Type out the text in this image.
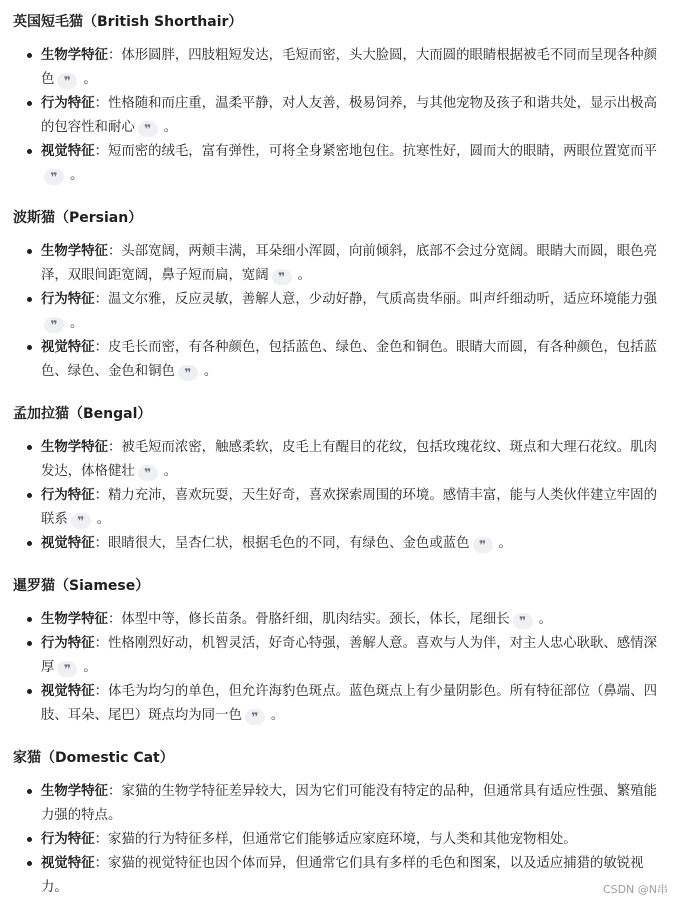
英国短毛猫（British Shorthair）
生物学特征：体形圆胖，四肢粗短发达，毛短而密，头大脸圆，大而圆的眼睛根据被毛不同而呈现各种颜色 ❞ 。
行为特征：性格随和而庄重，温柔平静，对人友善，极易饲养，与其他宠物及孩子和谐共处，显示出极高的包容性和耐心 ❞ 。
视觉特征：短而密的绒毛，富有弹性，可将全身紧密地包住。抗寒性好，圆而大的眼睛，两眼位置宽而平❞ 。
波斯猫（Persian）
生物学特征：头部宽阔，两颊丰满，耳朵细小浑圆，向前倾斜，底部不会过分宽阔。眼睛大而圆，眼色亮泽，双眼间距宽阔，鼻子短而扁，宽阔 ❞ 。
行为特征：温文尔雅，反应灵敏，善解人意，少动好静，气质高贵华丽。叫声纤细动听，适应环境能力强❞ 。
视觉特征：皮毛长而密，有各种颜色，包括蓝色、绿色、金色和铜色。眼睛大而圆，有各种颜色，包括蓝色、绿色、金色和铜色 ❞ 。
孟加拉猫（Bengal）
生物学特征：被毛短而浓密，触感柔软，皮毛上有醒目的花纹，包括玫瑰花纹、斑点和大理石花纹。肌肉发达，体格健壮 ❞ 。
行为特征：精力充沛，喜欢玩耍，天生好奇，喜欢探索周围的环境。感情丰富，能与人类伙伴建立牢固的联系 ❞ 。
视觉特征：眼睛很大，呈杏仁状，根据毛色的不同，有绿色、金色或蓝色 ❞ 。
暹罗猫（Siamese）
生物学特征：体型中等，修长苗条。骨胳纤细，肌肉结实。颈长，体长，尾细长 ❞ 。
行为特征：性格刚烈好动，机智灵活，好奇心特强，善解人意。喜欢与人为伴，对主人忠心耿耿、感情深厚 ❞ 。
视觉特征：体毛为均匀的单色，但允许海豹色斑点。蓝色斑点上有少量阴影色。所有特征部位（鼻端、四肢、耳朵、尾巴）斑点均为同一色 ❞ 。
家猫（Domestic Cat）
生物学特征：家猫的生物学特征差异较大，因为它们可能没有特定的品种，但通常具有适应性强、繁殖能力强的特点。
行为特征：家猫的行为特征多样，但通常它们能够适应家庭环境，与人类和其他宠物相处。
视觉特征：家猫的视觉特征也因个体而异，但通常它们具有多样的毛色和图案，以及适应捕猎的敏锐视力。	CSDN @N串
